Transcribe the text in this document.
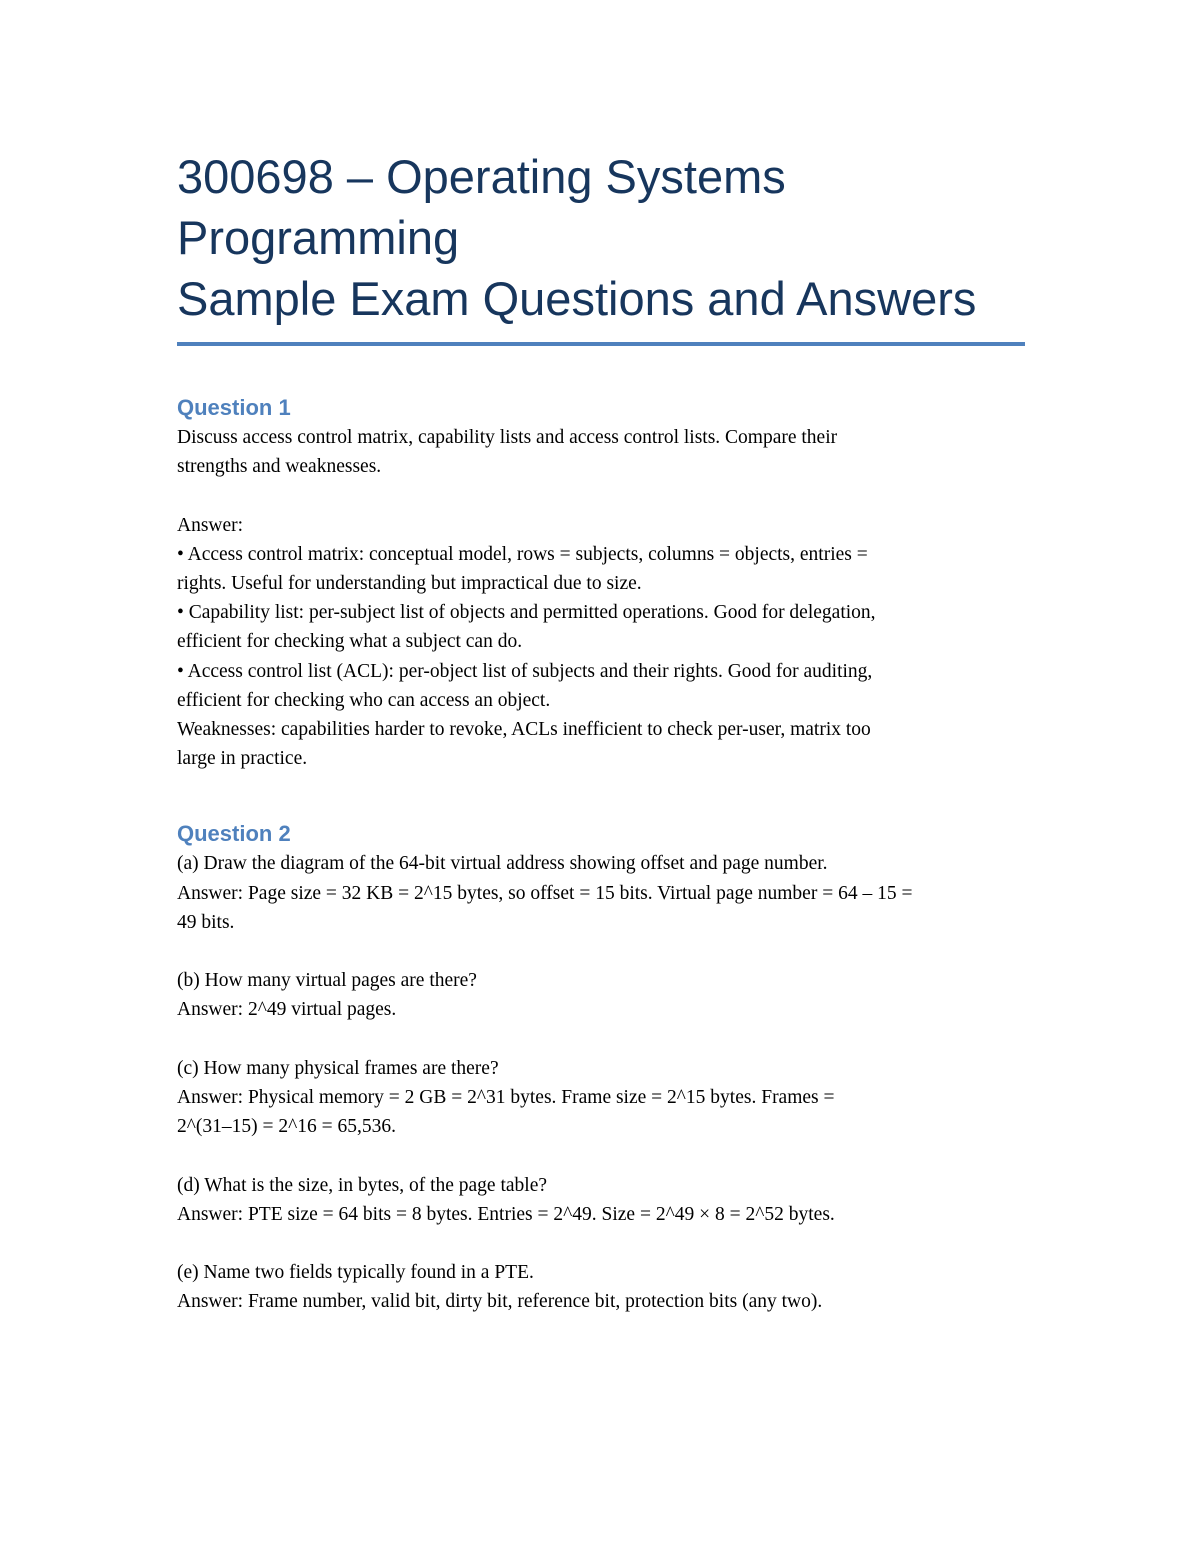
300698 – Operating Systems

Programming

Sample Exam Questions and Answers

Question 1

Discuss access control matrix, capability lists and access control lists. Compare their

strengths and weaknesses.

Answer:

• Access control matrix: conceptual model, rows = subjects, columns = objects, entries =

rights. Useful for understanding but impractical due to size.

• Capability list: per-subject list of objects and permitted operations. Good for delegation,

efficient for checking what a subject can do.

• Access control list (ACL): per-object list of subjects and their rights. Good for auditing,

efficient for checking who can access an object.

Weaknesses: capabilities harder to revoke, ACLs inefficient to check per-user, matrix too

large in practice.

Question 2

(a) Draw the diagram of the 64-bit virtual address showing offset and page number.

Answer: Page size = 32 KB = 2^15 bytes, so offset = 15 bits. Virtual page number = 64 – 15 =

49 bits.

(b) How many virtual pages are there?

Answer: 2^49 virtual pages.

(c) How many physical frames are there?

Answer: Physical memory = 2 GB = 2^31 bytes. Frame size = 2^15 bytes. Frames =

2^(31–15) = 2^16 = 65,536.

(d) What is the size, in bytes, of the page table?

Answer: PTE size = 64 bits = 8 bytes. Entries = 2^49. Size = 2^49 × 8 = 2^52 bytes.

(e) Name two fields typically found in a PTE.

Answer: Frame number, valid bit, dirty bit, reference bit, protection bits (any two).
